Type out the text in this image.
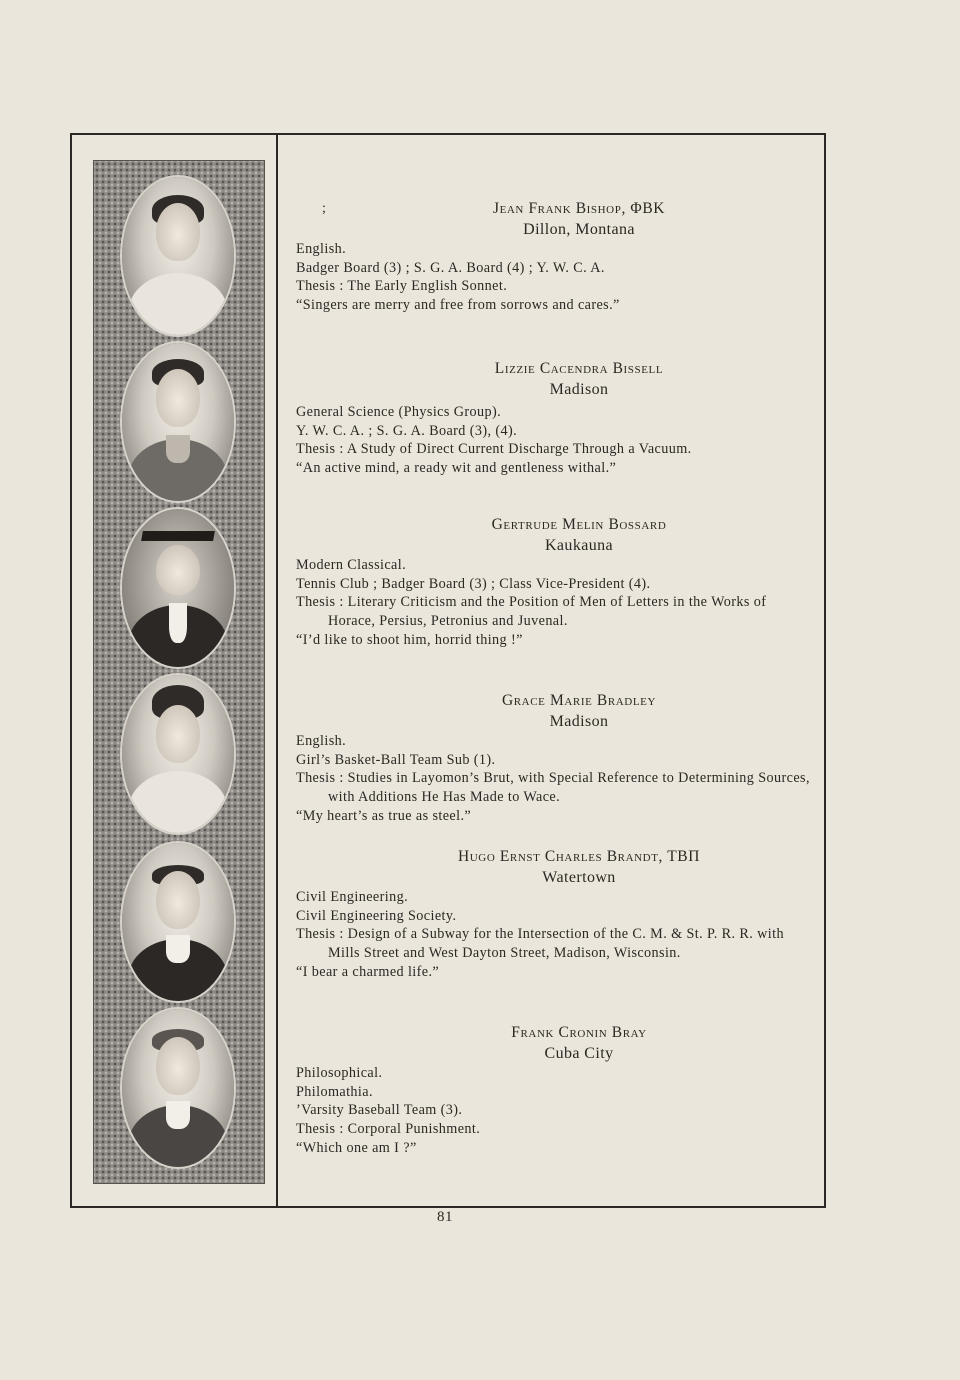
;	Jean Frank Bishop, ΦBK
Dillon, Montana
English.
Badger Board (3) ; S. G. A. Board (4) ; Y. W. C. A.
Thesis : The Early English Sonnet.
“Singers are merry and free from sorrows and cares.”
Lizzie Cacendra Bissell
Madison
General Science (Physics Group).
Y. W. C. A. ; S. G. A. Board (3), (4).
Thesis : A Study of Direct Current Discharge Through a Vacuum.
“An active mind, a ready wit and gentleness withal.”
Gertrude Melin Bossard
Kaukauna
Modern Classical.
Tennis Club ; Badger Board (3) ; Class Vice-President (4).
Thesis : Literary Criticism and the Position of Men of Letters in the Works of Horace, Persius, Petronius and Juvenal.
“I’d like to shoot him, horrid thing !”
Grace Marie Bradley
Madison
English.
Girl’s Basket-Ball Team Sub (1).
Thesis : Studies in Layomon’s Brut, with Special Reference to Determining Sources, with Additions He Has Made to Wace.
“My heart’s as true as steel.”
Hugo Ernst Charles Brandt, TBΠ
Watertown
Civil Engineering.
Civil Engineering Society.
Thesis : Design of a Subway for the Intersection of the C. M. & St. P. R. R. with Mills Street and West Dayton Street, Madison, Wisconsin.
“I bear a charmed life.”
Frank Cronin Bray
Cuba City
Philosophical.
Philomathia.
’Varsity Baseball Team (3).
Thesis : Corporal Punishment.
“Which one am I ?”
81
